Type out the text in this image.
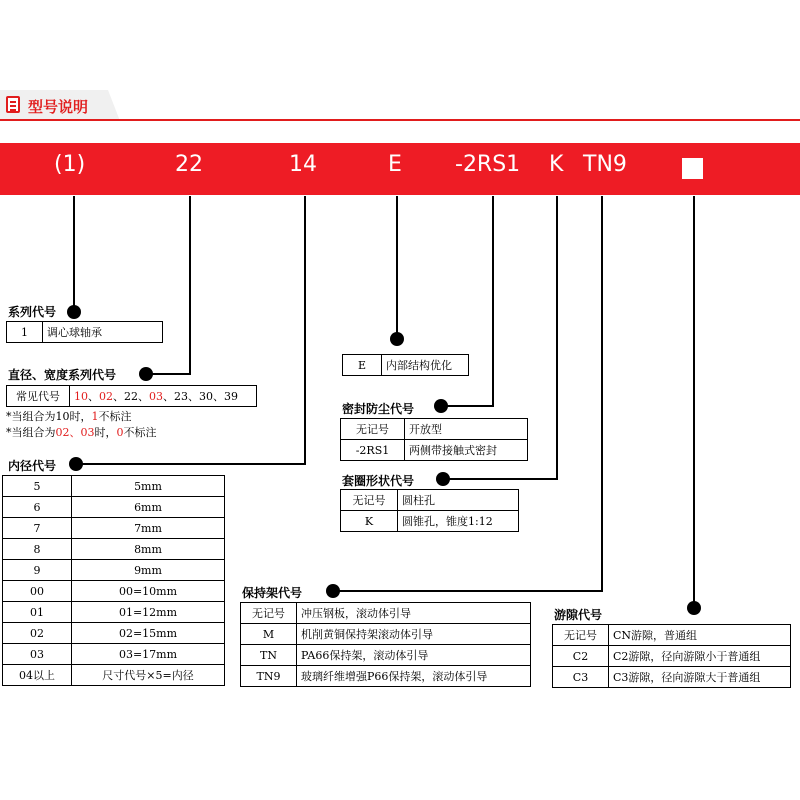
型号说明
(1)	22	14	E -2RS1 K TN9
系列代号
1	调心球轴承
直径、宽度系列代号
常见代号	10、02、22、03、23、30、39
*当组合为10时，1不标注
*当组合为02、03时，0不标注
内径代号
5	5mm
6	6mm
7	7mm
8	8mm
9	9mm
00	00=10mm
01	01=12mm
02	02=15mm
03	03=17mm
04以上	尺寸代号×5=内径
E	内部结构优化
密封防尘代号
无记号	开放型
-2RS1	两侧带接触式密封
套圈形状代号
无记号	圆柱孔
K	圆锥孔，锥度1:12
保持架代号
无记号	冲压钢板，滚动体引导
M	机削黄铜保持架滚动体引导
TN	PA66保持架，滚动体引导
TN9	玻璃纤维增强P66保持架，滚动体引导
游隙代号
无记号	CN游隙，普通组
C2	C2游隙，径向游隙小于普通组
C3	C3游隙，径向游隙大于普通组
